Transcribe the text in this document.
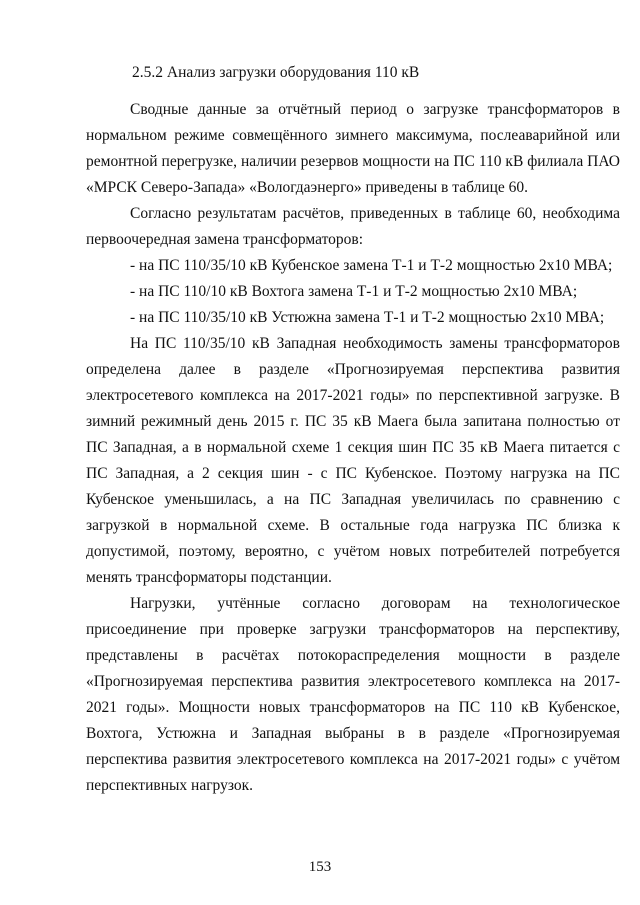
2.5.2 Анализ загрузки оборудования 110 кВ

Сводные данные за отчётный период о загрузке трансформаторов в нормальном режиме совмещённого зимнего максимума, послеаварийной или ремонтной перегрузке, наличии резервов мощности на ПС 110 кВ филиала ПАО «МРСК Северо-Запада» «Вологдаэнерго» приведены в таблице 60.

Согласно результатам расчётов, приведенных в таблице 60, необходима первоочередная замена трансформаторов:

- на ПС 110/35/10 кВ Кубенское замена Т-1 и Т-2 мощностью 2х10 МВА;

- на ПС 110/10 кВ Вохтога замена Т-1 и Т-2 мощностью 2х10 МВА;

- на ПС 110/35/10 кВ Устюжна замена Т-1 и Т-2 мощностью 2х10 МВА;

На ПС 110/35/10 кВ Западная необходимость замены трансформаторов определена далее в разделе «Прогнозируемая перспектива развития электросетевого комплекса на 2017-2021 годы» по перспективной загрузке. В зимний режимный день 2015 г. ПС 35 кВ Маега была запитана полностью от ПС Западная, а в нормальной схеме 1 секция шин ПС 35 кВ Маега питается с ПС Западная, а 2 секция шин - с ПС Кубенское. Поэтому нагрузка на ПС Кубенское уменьшилась, а на ПС Западная увеличилась по сравнению с загрузкой в нормальной схеме. В остальные года нагрузка ПС близка к допустимой, поэтому, вероятно, с учётом новых потребителей потребуется менять трансформаторы подстанции.

Нагрузки, учтённые согласно договорам на технологическое присоединение при проверке загрузки трансформаторов на перспективу, представлены в расчётах потокораспределения мощности в разделе «Прогнозируемая перспектива развития электросетевого комплекса на 2017-2021 годы». Мощности новых трансформаторов на ПС 110 кВ Кубенское, Вохтога, Устюжна и Западная выбраны в в разделе «Прогнозируемая перспектива развития электросетевого комплекса на 2017-2021 годы» с учётом перспективных нагрузок.

153
